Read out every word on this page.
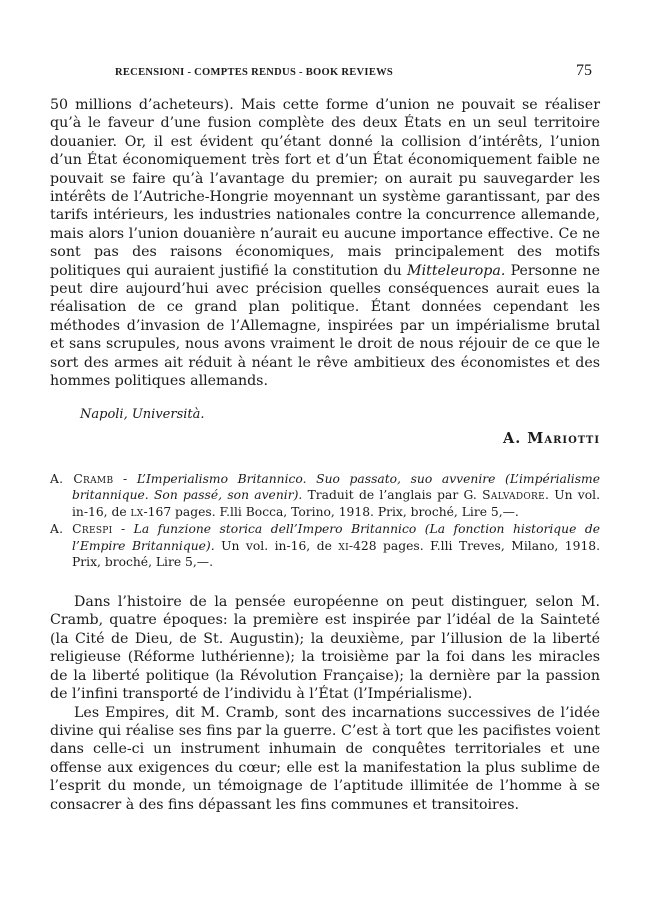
RECENSIONI - COMPTES RENDUS - BOOK REVIEWS	75
50 millions d’acheteurs). Mais cette forme d’union ne pouvait se réaliser qu’à le faveur d’une fusion complète des deux États en un seul territoire douanier. Or, il est évident qu’étant donné la collision d’intérêts, l’union d’un État économiquement très fort et d’un État économiquement faible ne pouvait se faire qu’à l’avantage du premier; on aurait pu sauvegarder les intérêts de l’Autriche-Hongrie moyennant un système garantissant, par des tarifs intérieurs, les industries nationales contre la concurrence allemande, mais alors l’union douanière n’aurait eu aucune importance effective. Ce ne sont pas des raisons économiques, mais principalement des motifs politiques qui auraient justifié la constitution du Mitteleuropa. Personne ne peut dire aujourd’hui avec précision quelles conséquences aurait eues la réalisation de ce grand plan politique. Étant données cependant les méthodes d’invasion de l’Allemagne, inspirées par un impérialisme brutal et sans scrupules, nous avons vraiment le droit de nous réjouir de ce que le sort des armes ait réduit à néant le rêve ambitieux des économistes et des hommes politiques allemands.
Napoli, Università.
A. Mariotti
A. Cramb - L’Imperialismo Britannico. Suo passato, suo avvenire (L’impérialisme britannique. Son passé, son avenir). Traduit de l’anglais par G. Salvadore. Un vol. in-16, de lx-167 pages. F.lli Bocca, Torino, 1918. Prix, broché, Lire 5,—.
A. Crespi - La funzione storica dell’Impero Britannico (La fonction historique de l’Empire Britannique). Un vol. in-16, de xi-428 pages. F.lli Treves, Milano, 1918. Prix, broché, Lire 5,—.

Dans l’histoire de la pensée européenne on peut distinguer, selon M. Cramb, quatre époques: la première est inspirée par l’idéal de la Sainteté (la Cité de Dieu, de St. Augustin); la deuxième, par l’illusion de la liberté religieuse (Réforme luthérienne); la troisième par la foi dans les miracles de la liberté politique (la Révolution Française); la dernière par la passion de l’infini transporté de l’individu à l’État (l’Impérialisme).

Les Empires, dit M. Cramb, sont des incarnations successives de l’idée divine qui réalise ses fins par la guerre. C’est à tort que les pacifistes voient dans celle-ci un instrument inhumain de conquêtes territoriales et une offense aux exigences du cœur; elle est la manifestation la plus sublime de l’esprit du monde, un témoignage de l’aptitude illimitée de l’homme à se consacrer à des fins dépassant les fins communes et transitoires.
